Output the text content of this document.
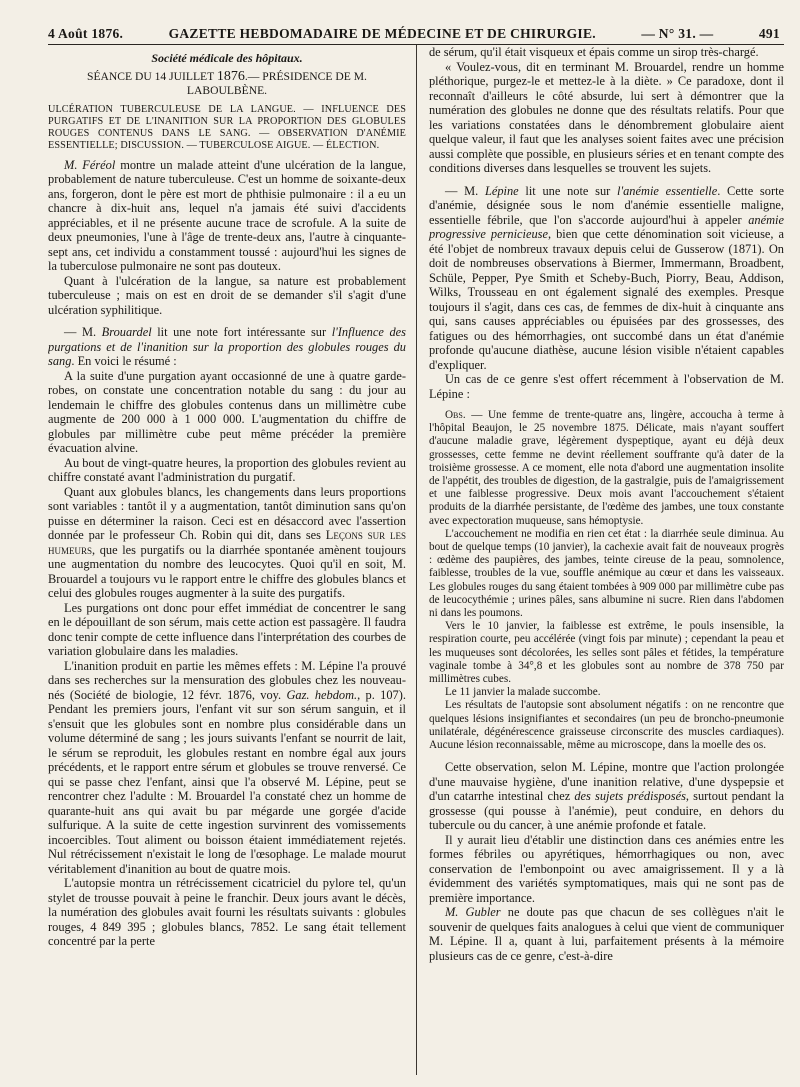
4 Août 1876.	GAZETTE HEBDOMADAIRE DE MÉDECINE ET DE CHIRURGIE.	— N° 31. —	491

Société médicale des hôpitaux.

SÉANCE DU 14 JUILLET 1876.— PRÉSIDENCE DE M. LABOULBÈNE.

ULCÉRATION TUBERCULEUSE DE LA LANGUE. — INFLUENCE DES PURGATIFS ET DE L'INANITION SUR LA PROPORTION DES GLOBULES ROUGES CONTENUS DANS LE SANG. — OBSERVATION D'ANÉMIE ESSENTIELLE; DISCUSSION. — TUBERCULOSE AIGUE. — ÉLECTION.

M. Féréol montre un malade atteint d'une ulcération de la langue, probablement de nature tuberculeuse. C'est un homme de soixante-deux ans, forgeron, dont le père est mort de phthisie pulmonaire : il a eu un chancre à dix-huit ans, lequel n'a jamais été suivi d'accidents appréciables, et il ne présente aucune trace de scrofule. A la suite de deux pneumonies, l'une à l'âge de trente-deux ans, l'autre à cinquante-sept ans, cet individu a constamment toussé : aujourd'hui les signes de la tuberculose pulmonaire ne sont pas douteux.

Quant à l'ulcération de la langue, sa nature est probablement tuberculeuse ; mais on est en droit de se demander s'il s'agit d'une ulcération syphilitique.

— M. Brouardel lit une note fort intéressante sur l'Influence des purgations et de l'inanition sur la proportion des globules rouges du sang. En voici le résumé :

A la suite d'une purgation ayant occasionné de une à quatre garde-robes, on constate une concentration notable du sang : du jour au lendemain le chiffre des globules contenus dans un millimètre cube augmente de 200 000 à 1 000 000. L'augmentation du chiffre de globules par millimètre cube peut même précéder la première évacuation alvine.

Au bout de vingt-quatre heures, la proportion des globules revient au chiffre constaté avant l'administration du purgatif.

Quant aux globules blancs, les changements dans leurs proportions sont variables : tantôt il y a augmentation, tantôt diminution sans qu'on puisse en déterminer la raison. Ceci est en désaccord avec l'assertion donnée par le professeur Ch. Robin qui dit, dans ses Leçons sur les humeurs, que les purgatifs ou la diarrhée spontanée amènent toujours une augmentation du nombre des leucocytes. Quoi qu'il en soit, M. Brouardel a toujours vu le rapport entre le chiffre des globules blancs et celui des globules rouges augmenter à la suite des purgatifs.

Les purgations ont donc pour effet immédiat de concentrer le sang en le dépouillant de son sérum, mais cette action est passagère. Il faudra donc tenir compte de cette influence dans l'interprétation des courbes de variation globulaire dans les maladies.

L'inanition produit en partie les mêmes effets : M. Lépine l'a prouvé dans ses recherches sur la mensuration des globules chez les nouveau-nés (Société de biologie, 12 févr. 1876, voy. Gaz. hebdom., p. 107). Pendant les premiers jours, l'enfant vit sur son sérum sanguin, et il s'ensuit que les globules sont en nombre plus considérable dans un volume déterminé de sang ; les jours suivants l'enfant se nourrit de lait, le sérum se reproduit, les globules restant en nombre égal aux jours précédents, et le rapport entre sérum et globules se trouve renversé. Ce qui se passe chez l'enfant, ainsi que l'a observé M. Lépine, peut se rencontrer chez l'adulte : M. Brouardel l'a constaté chez un homme de quarante-huit ans qui avait bu par mégarde une gorgée d'acide sulfurique. A la suite de cette ingestion survinrent des vomissements incoercibles. Tout aliment ou boisson étaient immédiatement rejetés. Nul rétrécissement n'existait le long de l'œsophage. Le malade mourut véritablement d'inanition au bout de quatre mois.

L'autopsie montra un rétrécissement cicatriciel du pylore tel, qu'un stylet de trousse pouvait à peine le franchir. Deux jours avant le décès, la numération des globules avait fourni les résultats suivants : globules rouges, 4 849 395 ; globules blancs, 7852. Le sang était tellement concentré par la perte

de sérum, qu'il était visqueux et épais comme un sirop très-chargé.

« Voulez-vous, dit en terminant M. Brouardel, rendre un homme pléthorique, purgez-le et mettez-le à la diète. » Ce paradoxe, dont il reconnaît d'ailleurs le côté absurde, lui sert à démontrer que la numération des globules ne donne que des résultats relatifs. Pour que les variations constatées dans le dénombrement globulaire aient quelque valeur, il faut que les analyses soient faites avec une précision aussi complète que possible, en plusieurs séries et en tenant compte des conditions diverses dans lesquelles se trouvent les sujets.

— M. Lépine lit une note sur l'anémie essentielle. Cette sorte d'anémie, désignée sous le nom d'anémie essentielle maligne, essentielle fébrile, que l'on s'accorde aujourd'hui à appeler anémie progressive pernicieuse, bien que cette dénomination soit vicieuse, a été l'objet de nombreux travaux depuis celui de Gusserow (1871). On doit de nombreuses observations à Biermer, Immermann, Broadbent, Schüle, Pepper, Pye Smith et Scheby-Buch, Piorry, Beau, Addison, Wilks, Trousseau en ont également signalé des exemples. Presque toujours il s'agit, dans ces cas, de femmes de dix-huit à cinquante ans qui, sans causes appréciables ou épuisées par des grossesses, des fatigues ou des hémorrhagies, ont succombé dans un état d'anémie profonde qu'aucune diathèse, aucune lésion visible n'étaient capables d'expliquer.

Un cas de ce genre s'est offert récemment à l'observation de M. Lépine :

Obs. — Une femme de trente-quatre ans, lingère, accoucha à terme à l'hôpital Beaujon, le 25 novembre 1875. Délicate, mais n'ayant souffert d'aucune maladie grave, légèrement dyspeptique, ayant eu déjà deux grossesses, cette femme ne devint réellement souffrante qu'à dater de la troisième grossesse. A ce moment, elle nota d'abord une augmentation insolite de l'appétit, des troubles de digestion, de la gastralgie, puis de l'amaigrissement et une faiblesse progressive. Deux mois avant l'accouchement s'étaient produits de la diarrhée persistante, de l'œdème des jambes, une toux constante avec expectoration muqueuse, sans hémoptysie.

L'accouchement ne modifia en rien cet état : la diarrhée seule diminua. Au bout de quelque temps (10 janvier), la cachexie avait fait de nouveaux progrès : œdème des paupières, des jambes, teinte cireuse de la peau, somnolence, faiblesse, troubles de la vue, souffle anémique au cœur et dans les vaisseaux. Les globules rouges du sang étaient tombées à 909 000 par millimètre cube pas de leucocythémie ; urines pâles, sans albumine ni sucre. Rien dans l'abdomen ni dans les poumons.

Vers le 10 janvier, la faiblesse est extrême, le pouls insensible, la respiration courte, peu accélérée (vingt fois par minute) ; cependant la peau et les muqueuses sont décolorées, les selles sont pâles et fétides, la température vaginale tombe à 34°,8 et les globules sont au nombre de 378 750 par millimètres cubes.

Le 11 janvier la malade succombe.

Les résultats de l'autopsie sont absolument négatifs : on ne rencontre que quelques lésions insignifiantes et secondaires (un peu de broncho-pneumonie unilatérale, dégénérescence graisseuse circonscrite des muscles cardiaques). Aucune lésion reconnaissable, même au microscope, dans la moelle des os.

Cette observation, selon M. Lépine, montre que l'action prolongée d'une mauvaise hygiène, d'une inanition relative, d'une dyspepsie et d'un catarrhe intestinal chez des sujets prédisposés, surtout pendant la grossesse (qui pousse à l'anémie), peut conduire, en dehors du tubercule ou du cancer, à une anémie profonde et fatale.

Il y aurait lieu d'établir une distinction dans ces anémies entre les formes fébriles ou apyrétiques, hémorrhagiques ou non, avec conservation de l'embonpoint ou avec amaigrissement. Il y a là évidemment des variétés symptomatiques, mais qui ne sont pas de première importance.

M. Gubler ne doute pas que chacun de ses collègues n'ait le souvenir de quelques faits analogues à celui que vient de communiquer M. Lépine. Il a, quant à lui, parfaitement présents à la mémoire plusieurs cas de ce genre, c'est-à-dire
